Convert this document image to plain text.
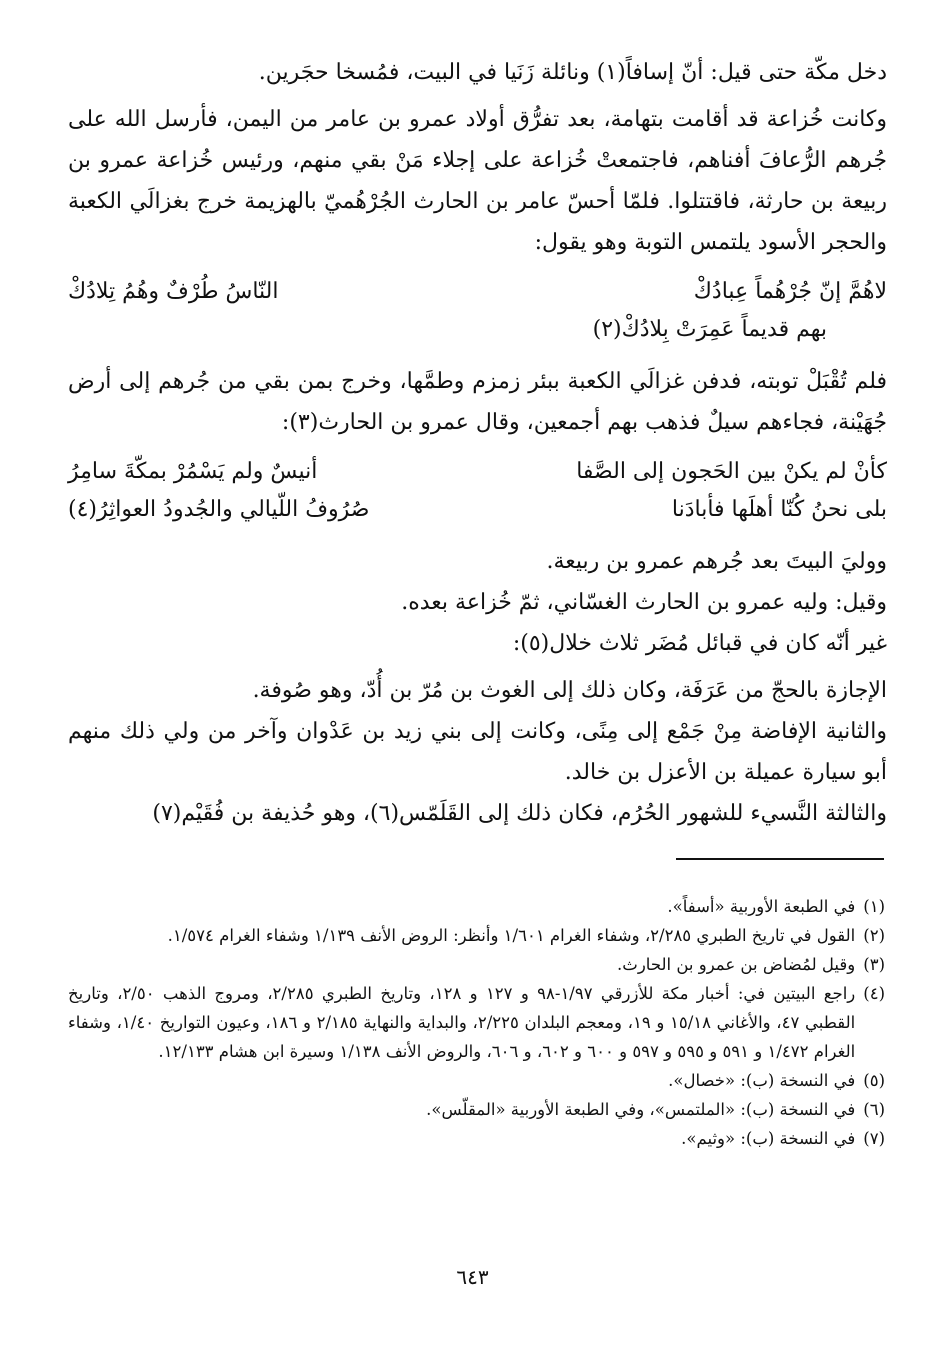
دخل مكّة حتى قيل: أنّ إسافاً(١) ونائلة زَنَيا في البيت، فمُسخا حجَرين.

وكانت خُزاعة قد أقامت بتهامة، بعد تفرُّق أولاد عمرو بن عامر من اليمن، فأرسل الله على جُرهم الرُّعافَ أفناهم، فاجتمعتْ خُزاعة على إجلاء مَنْ بقي منهم، ورئيس خُزاعة عمرو بن ربيعة بن حارثة، فاقتتلوا. فلمّا أحسّ عامر بن الحارث الجُرْهُميّ بالهزيمة خرج بغزالَي الكعبة والحجر الأسود يلتمس التوبة وهو يقول:

لاهُمَّ إنّ جُرْهُماً عِبادُكْ
النّاسُ طُرْفٌ وهُمُ تِلادُكْ
بهم قديماً عَمِرَتْ بِلادُكْ(٢)

فلم تُقْبَلْ توبته، فدفن غزالَي الكعبة ببئر زمزم وطمَّها، وخرج بمن بقي من جُرهم إلى أرض جُهَيْنة، فجاءهم سيلٌ فذهب بهم أجمعين، وقال عمرو بن الحارث(٣):

كأنْ لم يكنْ بين الحَجون إلى الصَّفا
أنيسٌ ولم يَسْمُرْ بمكّةَ سامِرُ
بلى نحنُ كُنّا أهلَها فأبادَنا
صُرُوفُ اللّيالي والجُدودُ العواثِرُ(٤)

ووليَ البيتَ بعد جُرهم عمرو بن ربيعة.

وقيل: وليه عمرو بن الحارث الغسّاني، ثمّ خُزاعة بعده.

غير أنّه كان في قبائل مُضَر ثلاث خلال(٥):

الإجازة بالحجّ من عَرَفَة، وكان ذلك إلى الغوث بن مُرّ بن أُدّ، وهو صُوفة.

والثانية الإفاضة مِنْ جَمْع إلى مِنًى، وكانت إلى بني زيد بن عَدْوان وآخر من ولي ذلك منهم أبو سيارة عميلة بن الأعزل بن خالد.

والثالثة النَّسيء للشهور الحُرُم، فكان ذلك إلى القَلَمّس(٦)، وهو حُذيفة بن فُقَيْم(٧)

(١)
في الطبعة الأوربية «أسفاً».
(٢)
القول في تاريخ الطبري ٢/٢٨٥، وشفاء الغرام ١/٦٠١ وأنظر: الروض الأنف ١/١٣٩ وشفاء الغرام ١/٥٧٤.
(٣)
وقيل لمُضاض بن عمرو بن الحارث.
(٤)
راجع البيتين في: أخبار مكة للأزرقي ١/٩٧-٩٨ و ١٢٧ و ١٢٨، وتاريخ الطبري ٢/٢٨٥، ومروج الذهب ٢/٥٠، وتاريخ القطبي ٤٧، والأغاني ١٥/١٨ و ١٩، ومعجم البلدان ٢/٢٢٥، والبداية والنهاية ٢/١٨٥ و ١٨٦، وعيون التواريخ ١/٤٠، وشفاء الغرام ١/٤٧٢ و ٥٩١ و ٥٩٥ و ٥٩٧ و ٦٠٠ و ٦٠٢، و ٦٠٦، والروض الأنف ١/١٣٨ وسيرة ابن هشام ١٢/١٣٣.
(٥)
في النسخة (ب): «خصال».
(٦)
في النسخة (ب): «الملتمس»، وفي الطبعة الأوربية «المقلّس».
(٧)
في النسخة (ب): «وثيم».
٦٤٣
